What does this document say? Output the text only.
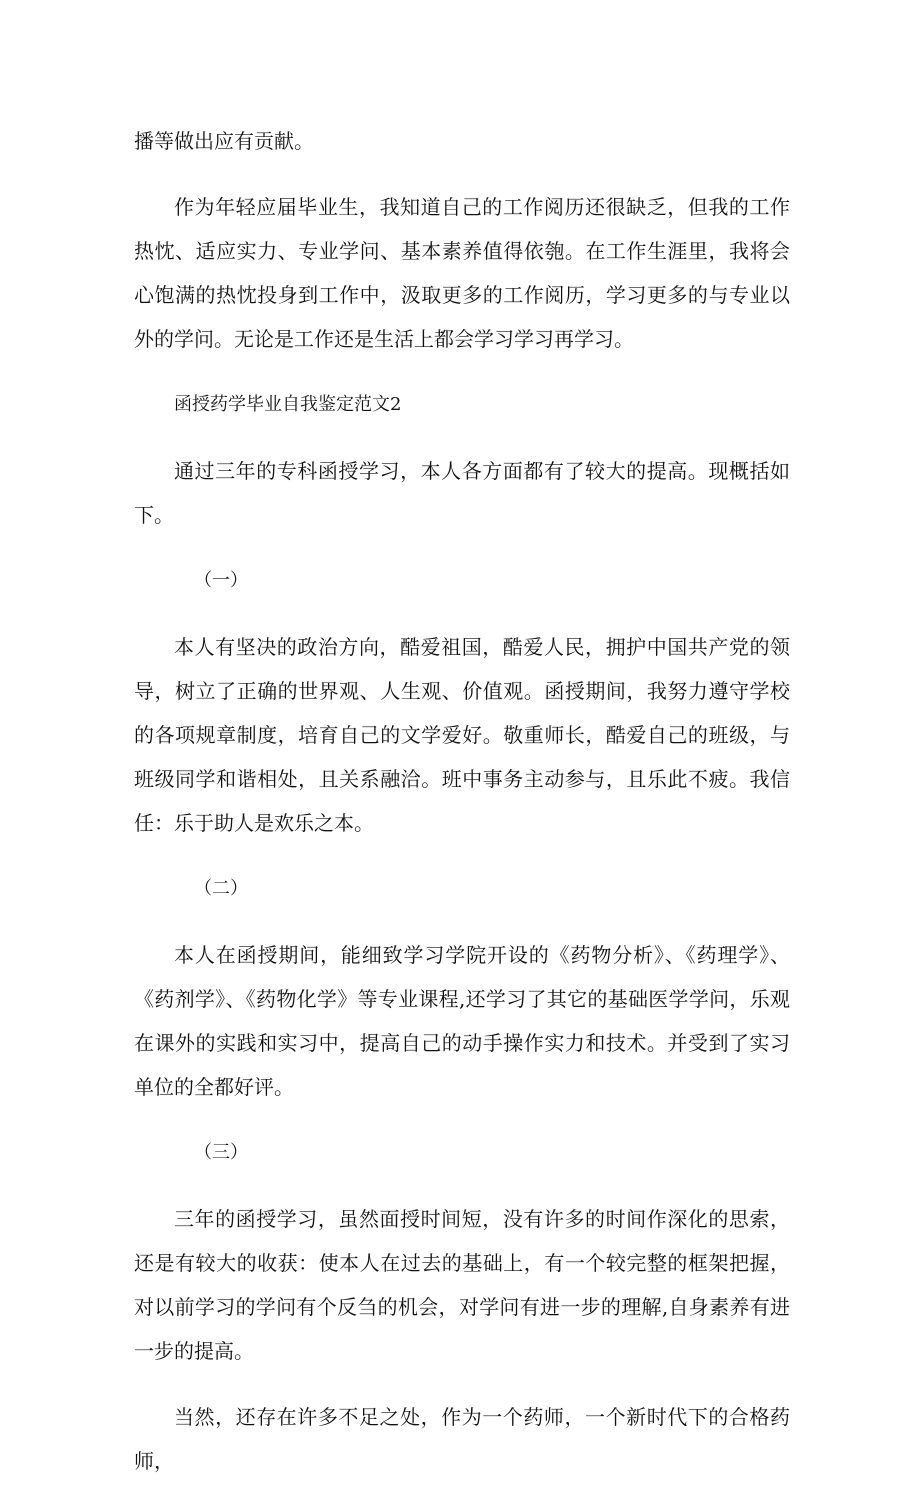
播等做出应有贡献。

作为年轻应届毕业生，我知道自己的工作阅历还很缺乏，但我的工作热忱、适应实力、专业学问、基本素养值得依匏。在工作生涯里，我将会心饱满的热忱投身到工作中，汲取更多的工作阅历，学习更多的与专业以外的学问。无论是工作还是生活上都会学习学习再学习。

函授药学毕业自我鉴定范文2

通过三年的专科函授学习，本人各方面都有了较大的提高。现概括如下。

（一）

本人有坚决的政治方向，酷爱祖国，酷爱人民，拥护中国共产党的领导，树立了正确的世界观、人生观、价值观。函授期间，我努力遵守学校的各项规章制度，培育自己的文学爱好。敬重师长，酷爱自己的班级，与班级同学和谐相处，且关系融洽。班中事务主动参与，且乐此不疲。我信任：乐于助人是欢乐之本。

（二）

本人在函授期间，能细致学习学院开设的《药物分析》、《药理学》、《药剂学》、《药物化学》等专业课程,还学习了其它的基础医学学问，乐观在课外的实践和实习中，提高自己的动手操作实力和技术。并受到了实习单位的全都好评。

（三）

三年的函授学习，虽然面授时间短，没有许多的时间作深化的思索，还是有较大的收获：使本人在过去的基础上，有一个较完整的框架把握，对以前学习的学问有个反刍的机会，对学问有进一步的理解,自身素养有进一步的提高。

当然，还存在许多不足之处，作为一个药师，一个新时代下的合格药师，
